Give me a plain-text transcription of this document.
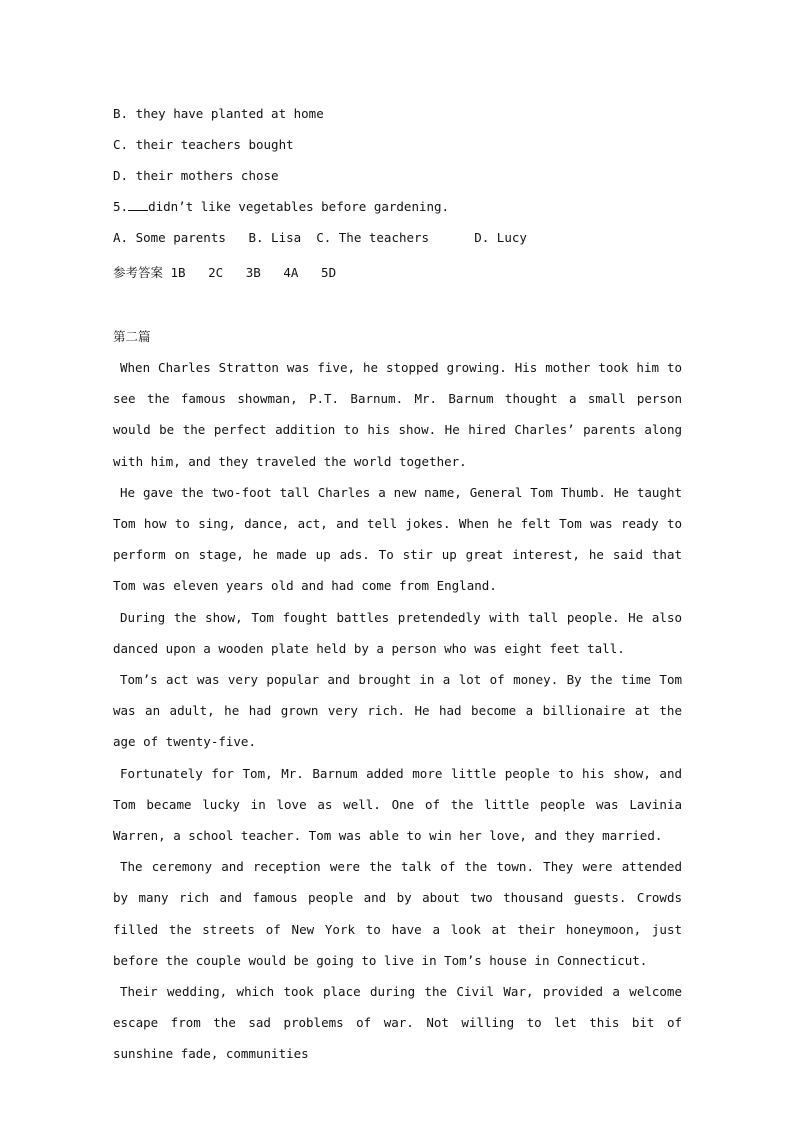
B. they have planted at home
C. their teachers bought
D. their mothers chose
5. didn’t like vegetables before gardening.
A. Some parents   B. Lisa  C. The teachers      D. Lucy
参考答案 1B   2C   3B   4A   5D
第二篇
When Charles Stratton was five, he stopped growing. His mother took him to see the famous showman, P.T. Barnum. Mr. Barnum thought a small person would be the perfect addition to his show. He hired Charles’ parents along with him, and they traveled the world together.
He gave the two-foot tall Charles a new name, General Tom Thumb. He taught Tom how to sing, dance, act, and tell jokes. When he felt Tom was ready to perform on stage, he made up ads. To stir up great interest, he said that Tom was eleven years old and had come from England.
During the show, Tom fought battles pretendedly with tall people. He also danced upon a wooden plate held by a person who was eight feet tall.
Tom’s act was very popular and brought in a lot of money. By the time Tom was an adult, he had grown very rich. He had become a billionaire at the age of twenty-five.
Fortunately for Tom, Mr. Barnum added more little people to his show, and Tom became lucky in love as well. One of the little people was Lavinia Warren, a school teacher. Tom was able to win her love, and they married.
The ceremony and reception were the talk of the town. They were attended by many rich and famous people and by about two thousand guests. Crowds filled the streets of New York to have a look at their honeymoon, just before the couple would be going to live in Tom’s house in Connecticut.
Their wedding, which took place during the Civil War, provided a welcome escape from the sad problems of war. Not willing to let this bit of sunshine fade, communities
